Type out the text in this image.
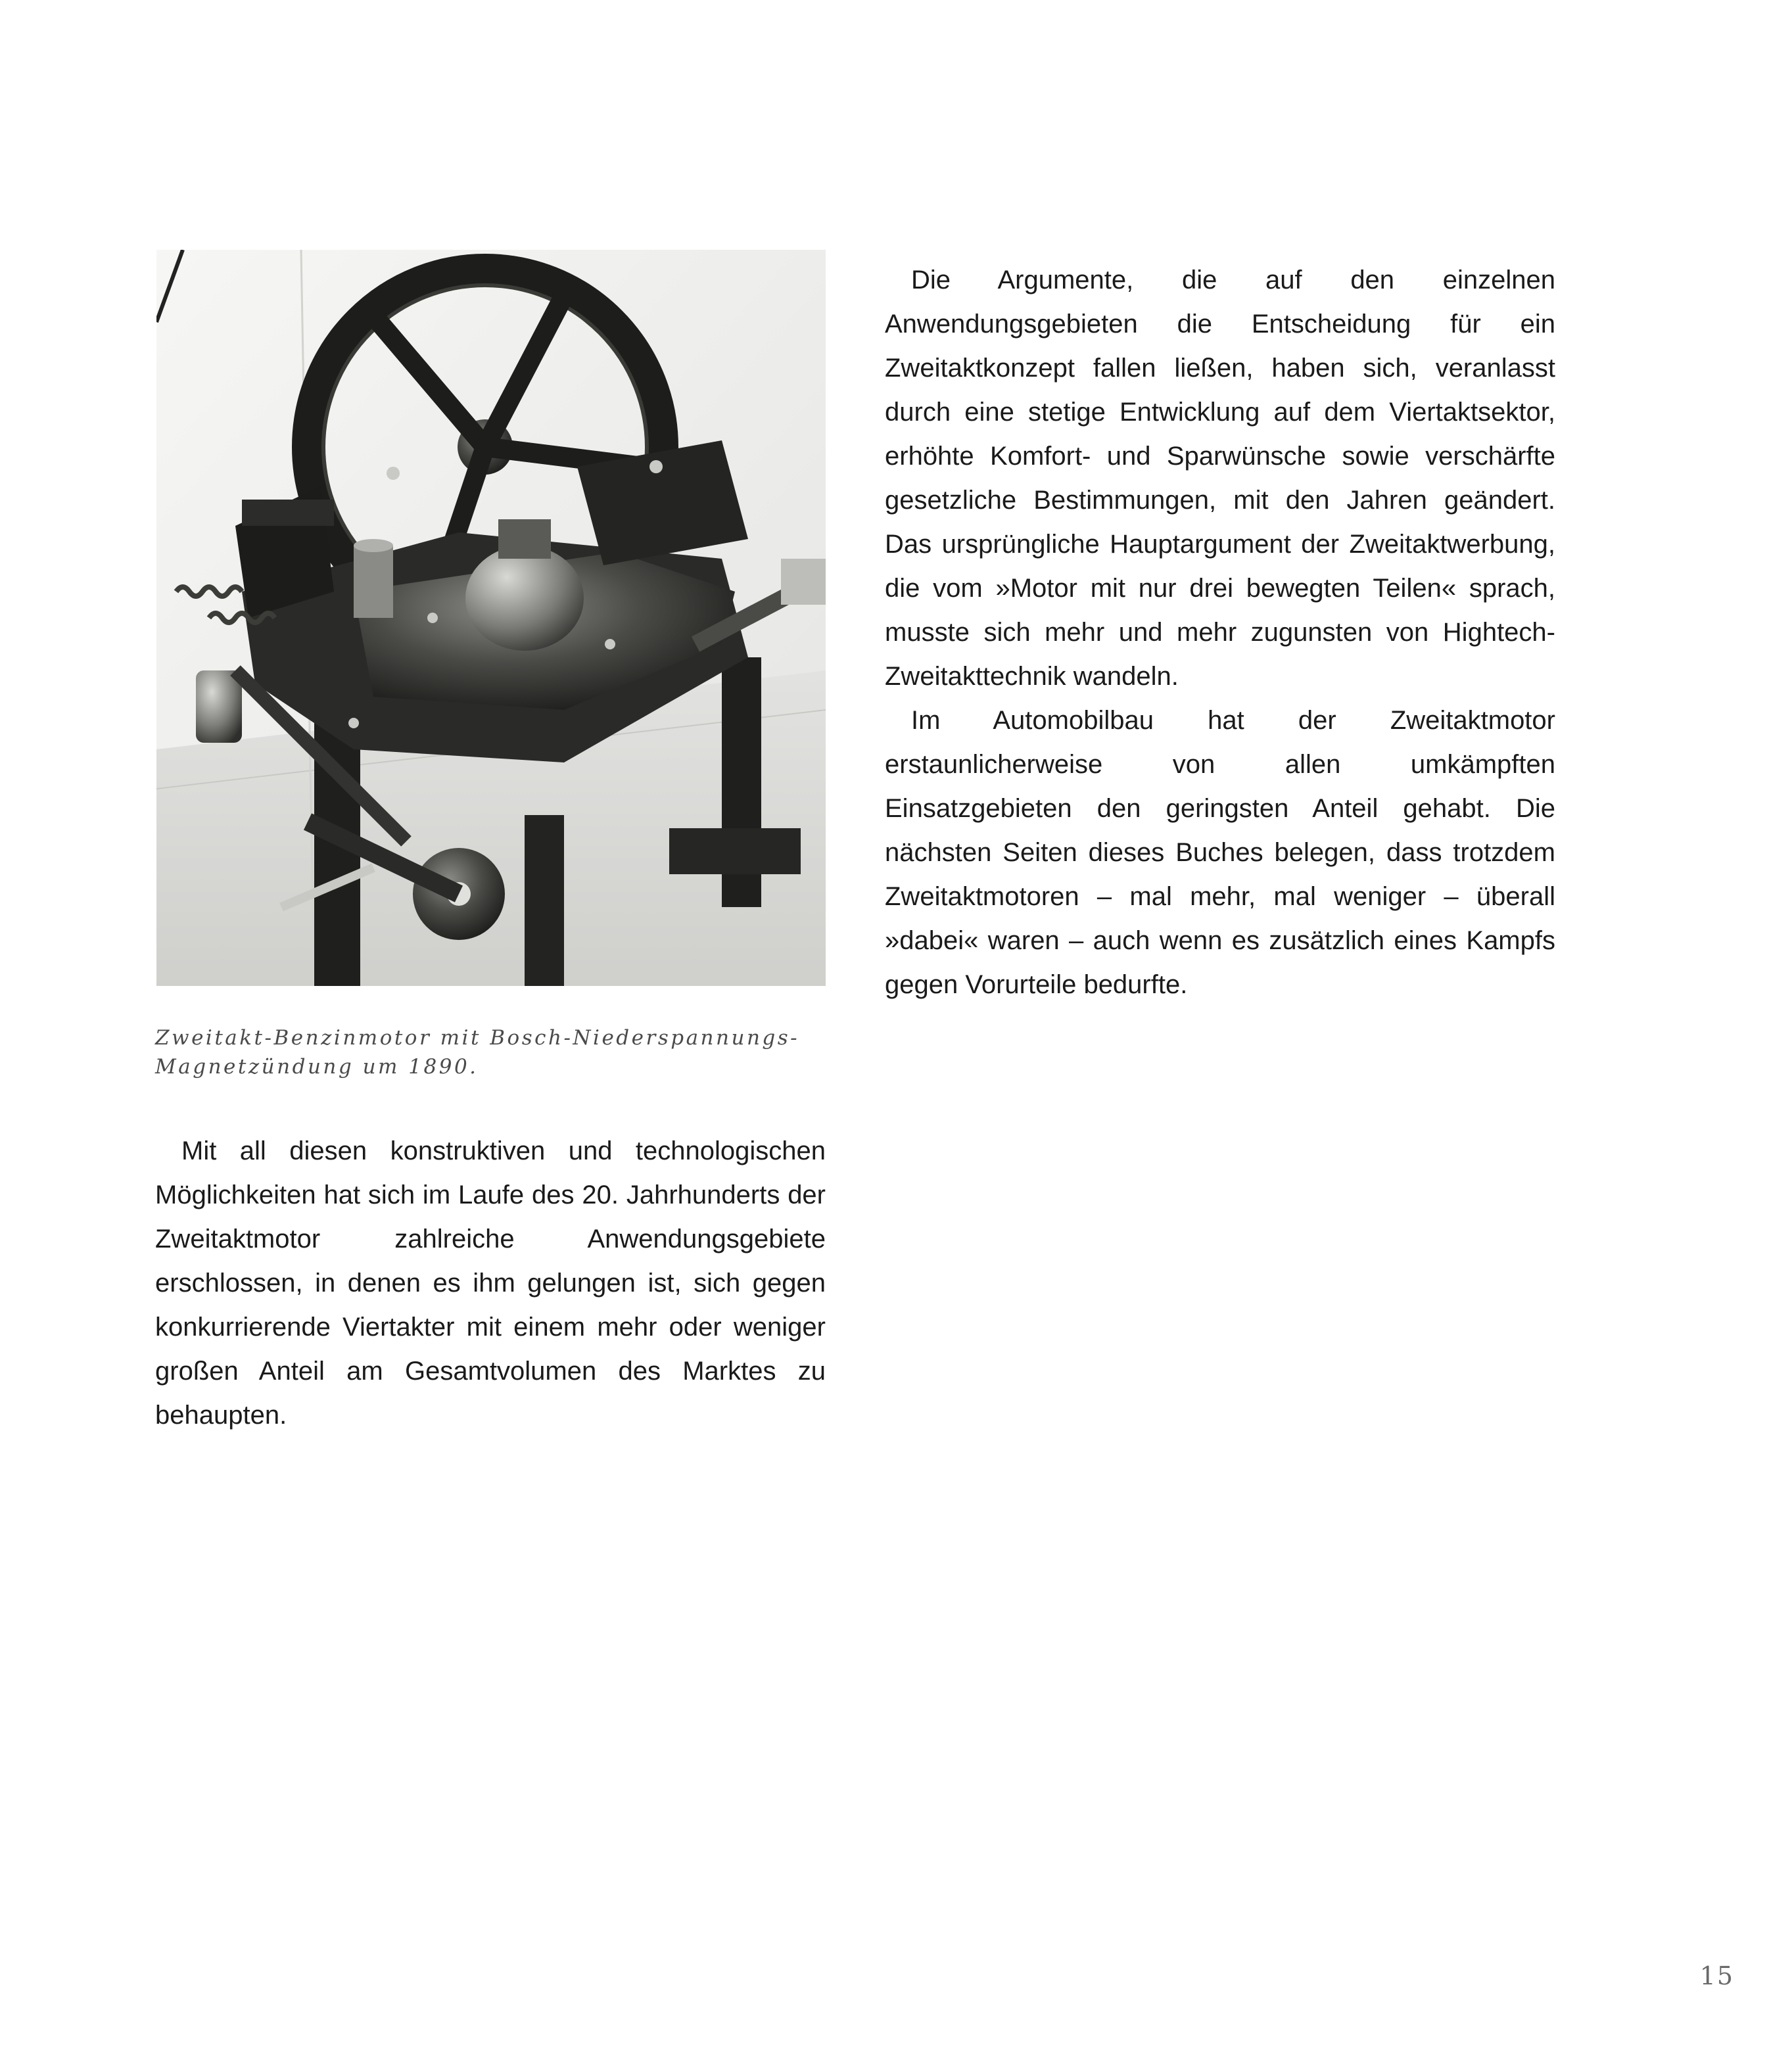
Zweitakt-Benzinmotor mit Bosch-Niederspannungs-
Magnetzündung um 1890.

Die Argumente, die auf den einzelnen Anwendungsgebieten die Entscheidung für ein Zweitaktkonzept fallen ließen, haben sich, veranlasst durch eine stetige Entwicklung auf dem Viertaktsektor, erhöhte Komfort- und Sparwünsche sowie verschärfte gesetzliche Bestimmungen, mit den Jahren geändert. Das ursprüngliche Hauptargument der Zweitaktwerbung, die vom »Motor mit nur drei bewegten Teilen« sprach, musste sich mehr und mehr zugunsten von Hightech-Zweitakttechnik wandeln.

Im Automobilbau hat der Zweitaktmotor erstaunlicherweise von allen umkämpften Einsatzgebieten den geringsten Anteil gehabt. Die nächsten Seiten dieses Buches belegen, dass trotzdem Zweitaktmotoren – mal mehr, mal weniger – überall »dabei« waren – auch wenn es zusätzlich eines Kampfs gegen Vorurteile bedurfte.

Mit all diesen konstruktiven und technologischen Möglichkeiten hat sich im Laufe des 20. Jahrhunderts der Zweitaktmotor zahlreiche Anwendungsgebiete erschlossen, in denen es ihm gelungen ist, sich gegen konkurrierende Viertakter mit einem mehr oder weniger großen Anteil am Gesamtvolumen des Marktes zu behaupten.

15
